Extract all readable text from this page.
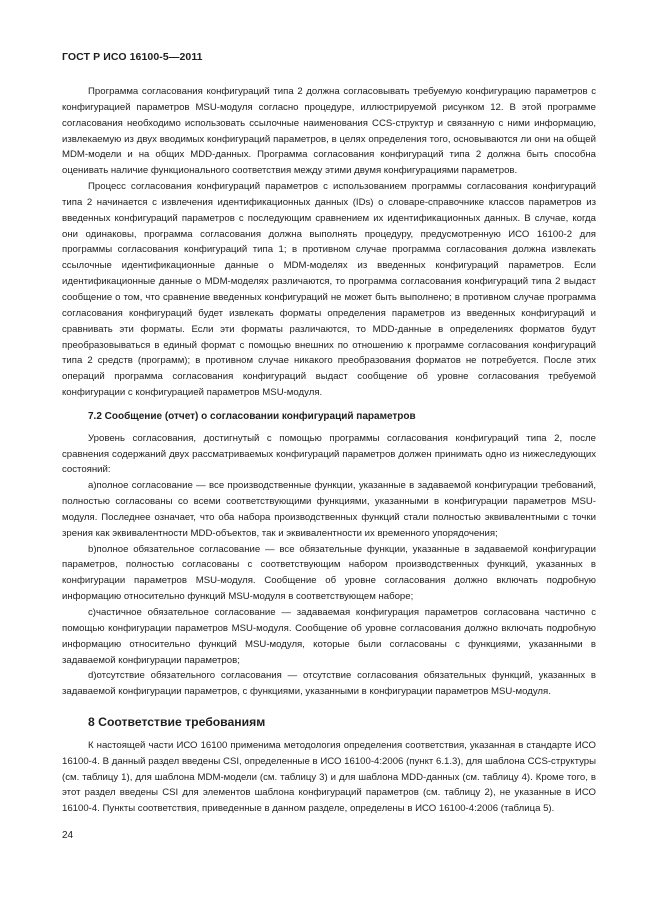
ГОСТ Р ИСО 16100-5—2011

Программа согласования конфигураций типа 2 должна согласовывать требуемую конфигурацию параметров с конфигурацией параметров MSU-модуля согласно процедуре, иллюстрируемой рисунком 12. В этой программе согласования необходимо использовать ссылочные наименования CCS-структур и связанную с ними информацию, извлекаемую из двух вводимых конфигураций параметров, в целях определения того, основываются ли они на общей MDM-модели и на общих MDD-данных. Программа согласования конфигураций типа 2 должна быть способна оценивать наличие функционального соответствия между этими двумя конфигурациями параметров.

Процесс согласования конфигураций параметров с использованием программы согласования конфигураций типа 2 начинается с извлечения идентификационных данных (IDs) о словаре-справочнике классов параметров из введенных конфигураций параметров с последующим сравнением их идентификационных данных. В случае, когда они одинаковы, программа согласования должна выполнять процедуру, предусмотренную ИСО 16100-2 для программы согласования конфигураций типа 1; в противном случае программа согласования должна извлекать ссылочные идентификационные данные о MDM-моделях из введенных конфигураций параметров. Если идентификационные данные о MDM-моделях различаются, то программа согласования конфигураций типа 2 выдаст сообщение о том, что сравнение введенных конфигураций не может быть выполнено; в противном случае программа согласования конфигураций будет извлекать форматы определения параметров из введенных конфигураций и сравнивать эти форматы. Если эти форматы различаются, то MDD-данные в определениях форматов будут преобразовываться в единый формат с помощью внешних по отношению к программе согласования конфигураций типа 2 средств (программ); в противном случае никакого преобразования форматов не потребуется. После этих операций программа согласования конфигураций выдаст сообщение об уровне согласования требуемой конфигурации с конфигурацией параметров MSU-модуля.

7.2 Сообщение (отчет) о согласовании конфигураций параметров

Уровень согласования, достигнутый с помощью программы согласования конфигураций типа 2, после сравнения содержаний двух рассматриваемых конфигураций параметров должен принимать одно из нижеследующих состояний:

a)полное согласование — все производственные функции, указанные в задаваемой конфигурации требований, полностью согласованы со всеми соответствующими функциями, указанными в конфигурации параметров MSU-модуля. Последнее означает, что оба набора производственных функций стали полностью эквивалентными с точки зрения как эквивалентности MDD-объектов, так и эквивалентности их временного упорядочения;

b)полное обязательное согласование — все обязательные функции, указанные в задаваемой конфигурации параметров, полностью согласованы с соответствующим набором производственных функций, указанных в конфигурации параметров MSU-модуля. Сообщение об уровне согласования должно включать подробную информацию относительно функций MSU-модуля в соответствующем наборе;

c)частичное обязательное согласование — задаваемая конфигурация параметров согласована частично с помощью конфигурации параметров MSU-модуля. Сообщение об уровне согласования должно включать подробную информацию относительно функций MSU-модуля, которые были согласованы с функциями, указанными в задаваемой конфигурации параметров;

d)отсутствие обязательного согласования — отсутствие согласования обязательных функций, указанных в задаваемой конфигурации параметров, с функциями, указанными в конфигурации параметров MSU-модуля.

8 Соответствие требованиям

К настоящей части ИСО 16100 применима методология определения соответствия, указанная в стандарте ИСО 16100-4. В данный раздел введены CSI, определенные в ИСО 16100-4:2006 (пункт 6.1.3), для шаблона CCS-структуры (см. таблицу 1), для шаблона MDM-модели (см. таблицу 3) и для шаблона MDD-данных (см. таблицу 4). Кроме того, в этот раздел введены CSI для элементов шаблона конфигураций параметров (см. таблицу 2), не указанные в ИСО 16100-4. Пункты соответствия, приведенные в данном разделе, определены в ИСО 16100-4:2006 (таблица 5).

24
